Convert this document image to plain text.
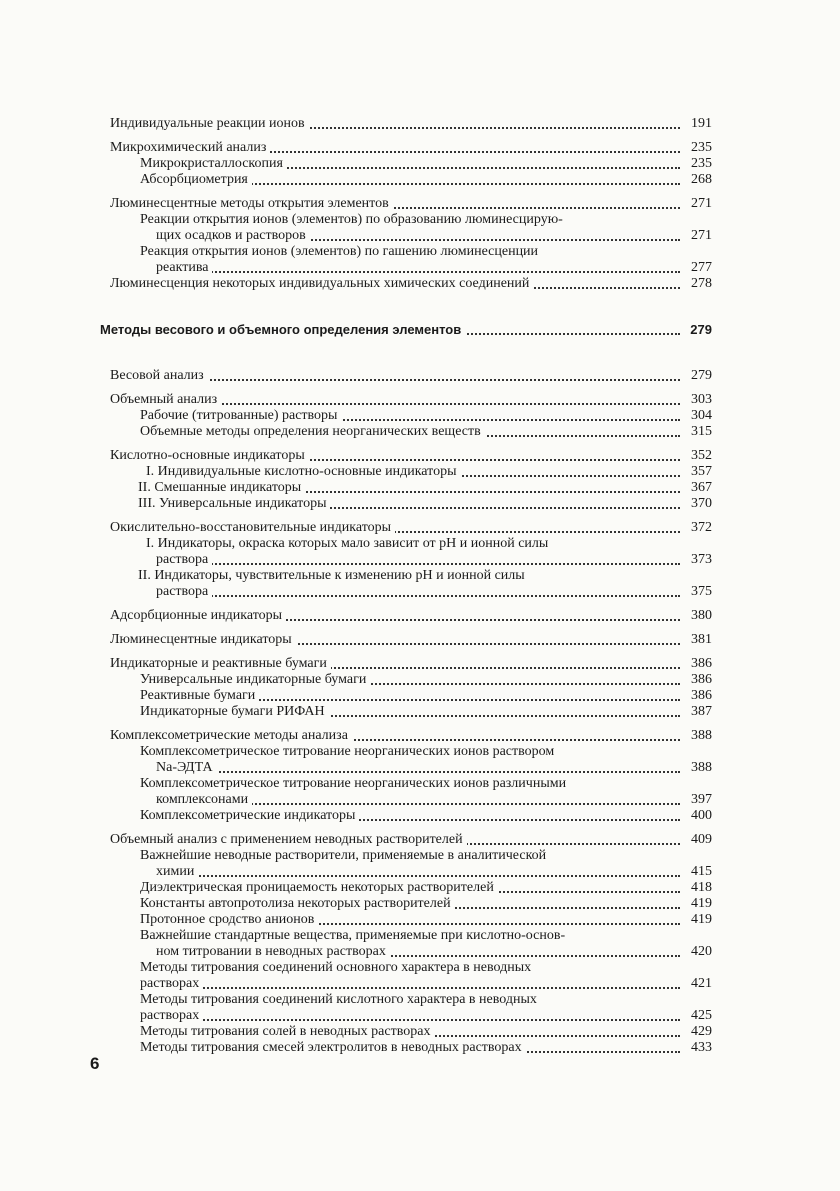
Индивидуальные реакции ионов	191
Микрохимический анализ	235
Микрокристаллоскопия	235
Абсорбциометрия	268
Люминесцентные методы открытия элементов	271
Реакции открытия ионов (элементов) по образованию люминесцирую-
щих осадков и растворов	271
Реакция открытия ионов (элементов) по гашению люминесценции
реактива	277
Люминесценция некоторых индивидуальных химических соединений	278
Методы весового и объемного определения элементов	279
Весовой анализ	279
Объемный анализ	303
Рабочие (титрованные) растворы	304
Объемные методы определения неорганических веществ	315
Кислотно-основные индикаторы	352
I. Индивидуальные кислотно-основные индикаторы	357
II. Смешанные индикаторы	367
III. Универсальные индикаторы	370
Окислительно-восстановительные индикаторы	372
I. Индикаторы, окраска которых мало зависит от pH и ионной силы
раствора	373
II. Индикаторы, чувствительные к изменению pH и ионной силы
раствора	375
Адсорбционные индикаторы	380
Люминесцентные индикаторы	381
Индикаторные и реактивные бумаги	386
Универсальные индикаторные бумаги	386
Реактивные бумаги	386
Индикаторные бумаги РИФАН	387
Комплексометрические методы анализа	388
Комплексометрическое титрование неорганических ионов раствором
Na-ЭДТА	388
Комплексометрическое титрование неорганических ионов различными
комплексонами	397
Комплексометрические индикаторы	400
Объемный анализ с применением неводных растворителей	409
Важнейшие неводные растворители, применяемые в аналитической
химии	415
Диэлектрическая проницаемость некоторых растворителей	418
Константы автопротолиза некоторых растворителей	419
Протонное сродство анионов	419
Важнейшие стандартные вещества, применяемые при кислотно-основ-
ном титровании в неводных растворах	420
Методы титрования соединений основного характера в неводных
растворах	421
Методы титрования соединений кислотного характера в неводных
растворах	425
Методы титрования солей в неводных растворах	429
Методы титрования смесей электролитов в неводных растворах	433
6
